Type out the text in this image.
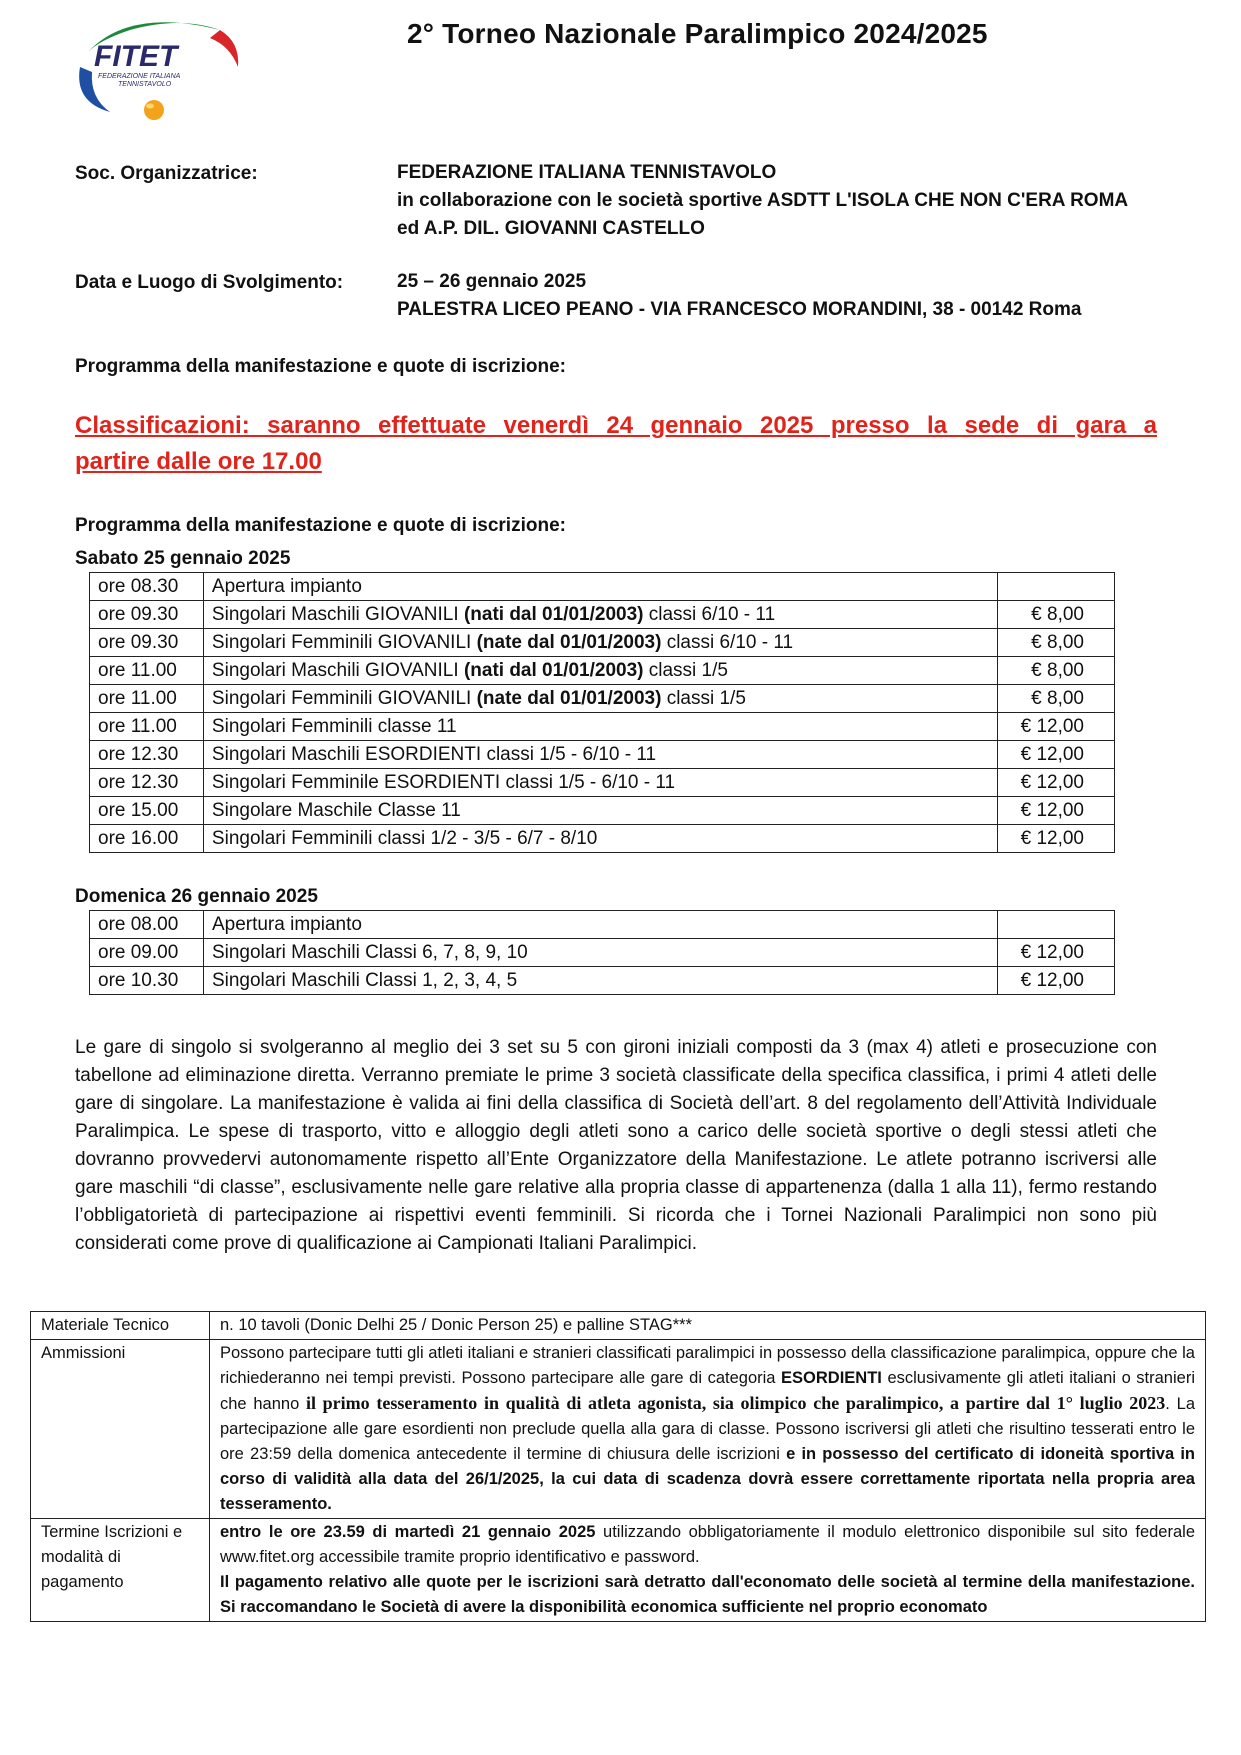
FITET
FEDERAZIONE ITALIANA
TENNISTAVOLO
2° Torneo Nazionale Paralimpico 2024/2025
Soc. Organizzatrice:	FEDERAZIONE ITALIANA TENNISTAVOLO
in collaborazione con le società sportive ASDTT L'ISOLA CHE NON C'ERA ROMA
ed A.P. DIL. GIOVANNI CASTELLO
Data e Luogo di Svolgimento:	25 – 26 gennaio 2025
PALESTRA LICEO PEANO - VIA FRANCESCO MORANDINI, 38 - 00142 Roma
Programma della manifestazione e quote di iscrizione:
Classificazioni: saranno effettuate venerdì 24 gennaio 2025 presso la sede di gara a
partire dalle ore 17.00
Programma della manifestazione e quote di iscrizione:
Sabato 25 gennaio 2025
ore 08.30	Apertura impianto	
ore 09.30	Singolari Maschili GIOVANILI (nati dal 01/01/2003) classi 6/10 - 11	€ 8,00
ore 09.30	Singolari Femminili GIOVANILI (nate dal 01/01/2003) classi 6/10 - 11	€ 8,00
ore 11.00	Singolari Maschili GIOVANILI (nati dal 01/01/2003) classi 1/5	€ 8,00
ore 11.00	Singolari Femminili GIOVANILI (nate dal 01/01/2003) classi 1/5	€ 8,00
ore 11.00	Singolari Femminili classe 11	€ 12,00
ore 12.30	Singolari Maschili ESORDIENTI classi 1/5 - 6/10 - 11	€ 12,00
ore 12.30	Singolari Femminile ESORDIENTI classi 1/5 - 6/10 - 11	€ 12,00
ore 15.00	Singolare Maschile Classe 11	€ 12,00
ore 16.00	Singolari Femminili classi 1/2 - 3/5 - 6/7 - 8/10	€ 12,00
Domenica 26 gennaio 2025
ore 08.00	Apertura impianto	
ore 09.00	Singolari Maschili Classi 6, 7, 8, 9, 10	€ 12,00
ore 10.30	Singolari Maschili Classi 1, 2, 3, 4, 5	€ 12,00
Le gare di singolo si svolgeranno al meglio dei 3 set su 5 con gironi iniziali composti da 3 (max 4) atleti e prosecuzione con tabellone ad eliminazione diretta. Verranno premiate le prime 3 società classificate della specifica classifica, i primi 4 atleti delle gare di singolare. La manifestazione è valida ai fini della classifica di Società dell’art. 8 del regolamento dell’Attività Individuale Paralimpica. Le spese di trasporto, vitto e alloggio degli atleti sono a carico delle società sportive o degli stessi atleti che dovranno provvedervi autonomamente rispetto all’Ente Organizzatore della Manifestazione. Le atlete potranno iscriversi alle gare maschili “di classe”, esclusivamente nelle gare relative alla propria classe di appartenenza (dalla 1 alla 11), fermo restando l’obbligatorietà di partecipazione ai rispettivi eventi femminili. Si ricorda che i Tornei Nazionali Paralimpici non sono più considerati come prove di qualificazione ai Campionati Italiani Paralimpici.
Materiale Tecnico	n. 10 tavoli (Donic Delhi 25 / Donic Person 25) e palline STAG***
Ammissioni	Possono partecipare tutti gli atleti italiani e stranieri classificati paralimpici in possesso della classificazione paralimpica, oppure che la richiederanno nei tempi previsti. Possono partecipare alle gare di categoria ESORDIENTI esclusivamente gli atleti italiani o stranieri che hanno il primo tesseramento in qualità di atleta agonista, sia olimpico che paralimpico, a partire dal 1° luglio 2023. La partecipazione alle gare esordienti non preclude quella alla gara di classe. Possono iscriversi gli atleti che risultino tesserati entro le ore 23:59 della domenica antecedente il termine di chiusura delle iscrizioni e in possesso del certificato di idoneità sportiva in corso di validità alla data del 26/1/2025, la cui data di scadenza dovrà essere correttamente riportata nella propria area tesseramento.
Termine Iscrizioni e modalità di pagamento	entro le ore 23.59 di martedì 21 gennaio 2025 utilizzando obbligatoriamente il modulo elettronico disponibile sul sito federale www.fitet.org accessibile tramite proprio identificativo e password.
Il pagamento relativo alle quote per le iscrizioni sarà detratto dall'economato delle società al termine della manifestazione. Si raccomandano le Società di avere la disponibilità economica sufficiente nel proprio economato
